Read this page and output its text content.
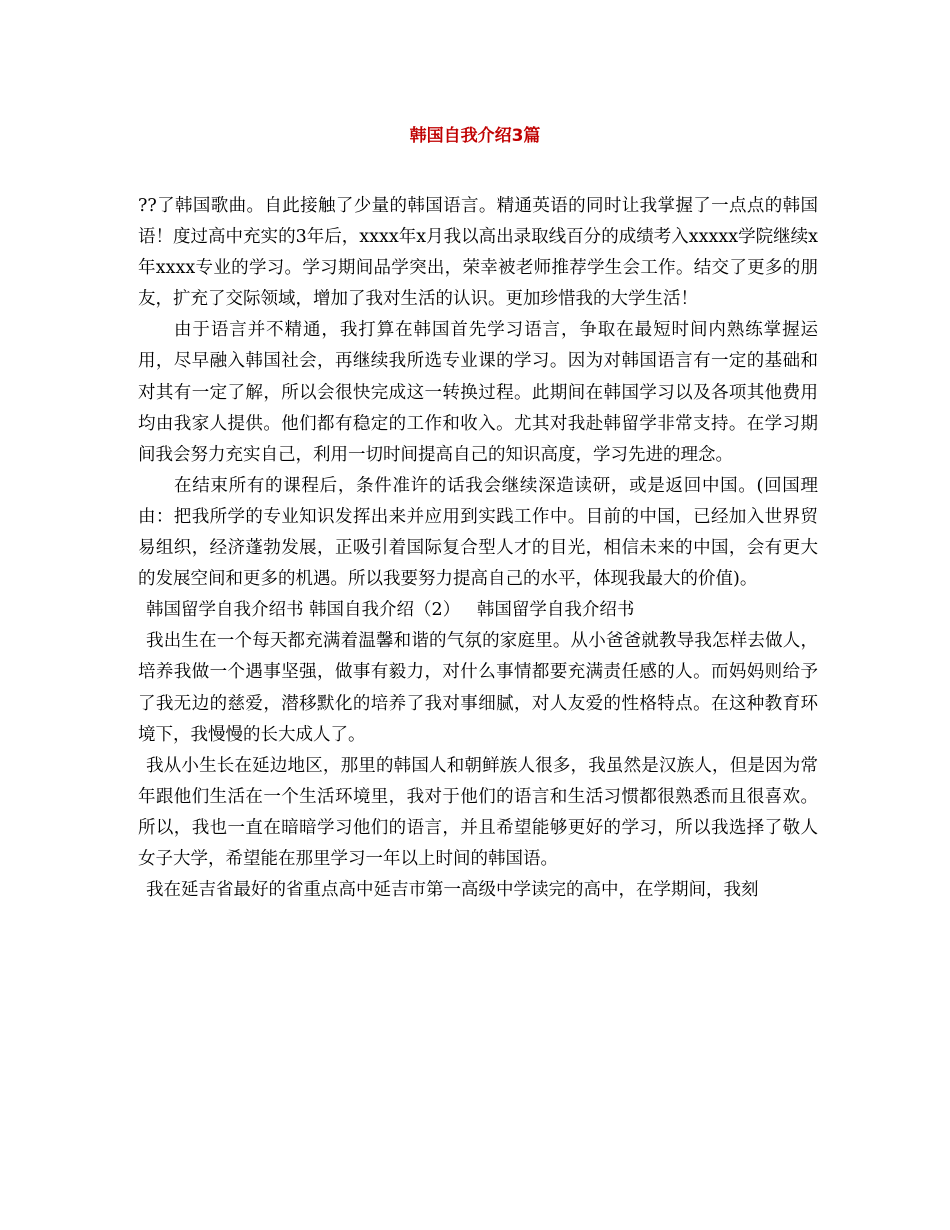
韩国自我介绍3篇

??了韩国歌曲。自此接触了少量的韩国语言。精通英语的同时让我掌握了一点点的韩国语！度过高中充实的3年后，xxxx年x月我以高出录取线百分的成绩考入xxxxx学院继续x年xxxx专业的学习。学习期间品学突出，荣幸被老师推荐学生会工作。结交了更多的朋友，扩充了交际领域，增加了我对生活的认识。更加珍惜我的大学生活！

由于语言并不精通，我打算在韩国首先学习语言，争取在最短时间内熟练掌握运用，尽早融入韩国社会，再继续我所选专业课的学习。因为对韩国语言有一定的基础和对其有一定了解，所以会很快完成这一转换过程。此期间在韩国学习以及各项其他费用均由我家人提供。他们都有稳定的工作和收入。尤其对我赴韩留学非常支持。在学习期间我会努力充实自己，利用一切时间提高自己的知识高度，学习先进的理念。

在结束所有的课程后，条件准许的话我会继续深造读研，或是返回中国。(回国理由：把我所学的专业知识发挥出来并应用到实践工作中。目前的中国，已经加入世界贸易组织，经济蓬勃发展，正吸引着国际复合型人才的目光，相信未来的中国，会有更大的发展空间和更多的机遇。所以我要努力提高自己的水平，体现我最大的价值)。

韩国留学自我介绍书 韩国自我介绍（2）   韩国留学自我介绍书

我出生在一个每天都充满着温馨和谐的气氛的家庭里。从小爸爸就教导我怎样去做人，培养我做一个遇事坚强，做事有毅力，对什么事情都要充满责任感的人。而妈妈则给予了我无边的慈爱，潜移默化的培养了我对事细腻，对人友爱的性格特点。在这种教育环境下，我慢慢的长大成人了。

我从小生长在延边地区，那里的韩国人和朝鲜族人很多，我虽然是汉族人，但是因为常年跟他们生活在一个生活环境里，我对于他们的语言和生活习惯都很熟悉而且很喜欢。所以，我也一直在暗暗学习他们的语言，并且希望能够更好的学习，所以我选择了敬人女子大学，希望能在那里学习一年以上时间的韩国语。

我在延吉省最好的省重点高中延吉市第一高级中学读完的高中，在学期间，我刻
